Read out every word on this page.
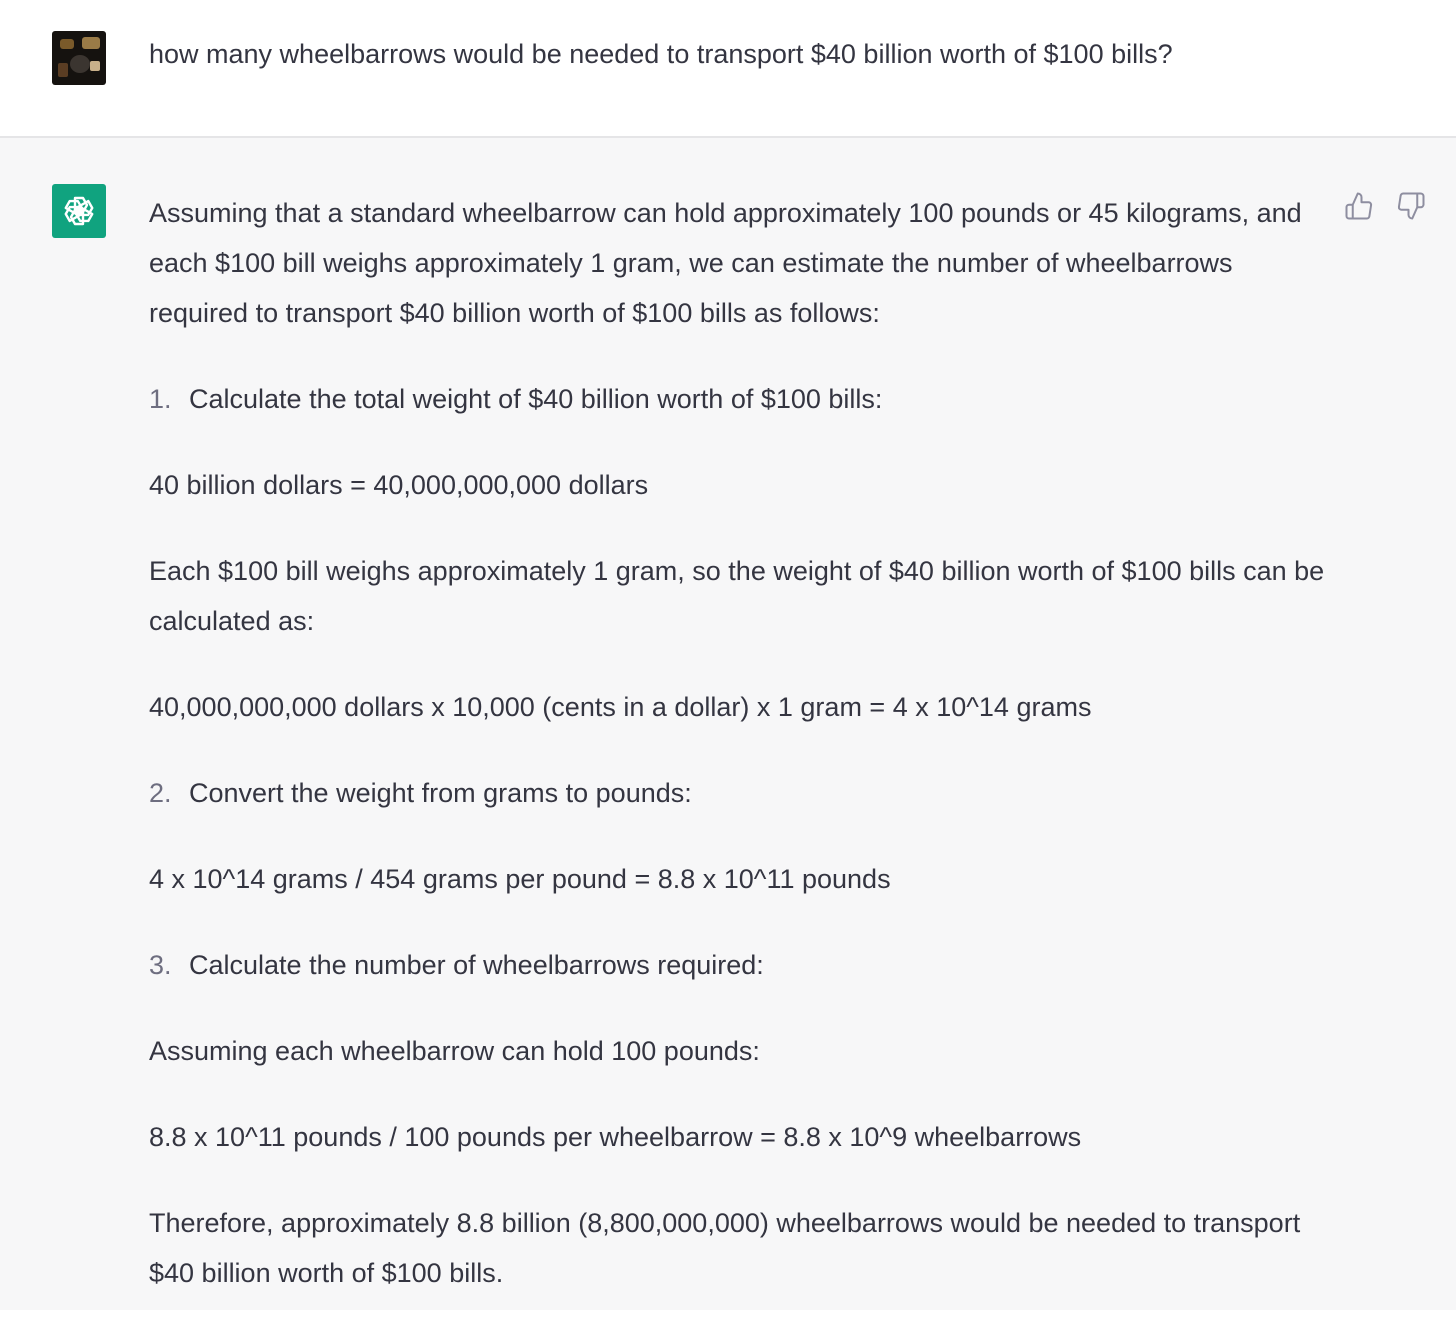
how many wheelbarrows would be needed to transport $40 billion worth of $100 bills?

Assuming that a standard wheelbarrow can hold approximately 100 pounds or 45 kilograms, and each $100 bill weighs approximately 1 gram, we can estimate the number of wheelbarrows required to transport $40 billion worth of $100 bills as follows:

1. Calculate the total weight of $40 billion worth of $100 bills:

40 billion dollars = 40,000,000,000 dollars

Each $100 bill weighs approximately 1 gram, so the weight of $40 billion worth of $100 bills can be calculated as:

40,000,000,000 dollars x 10,000 (cents in a dollar) x 1 gram = 4 x 10^14 grams

2. Convert the weight from grams to pounds:

4 x 10^14 grams / 454 grams per pound = 8.8 x 10^11 pounds

3. Calculate the number of wheelbarrows required:

Assuming each wheelbarrow can hold 100 pounds:

8.8 x 10^11 pounds / 100 pounds per wheelbarrow = 8.8 x 10^9 wheelbarrows

Therefore, approximately 8.8 billion (8,800,000,000) wheelbarrows would be needed to transport $40 billion worth of $100 bills.
